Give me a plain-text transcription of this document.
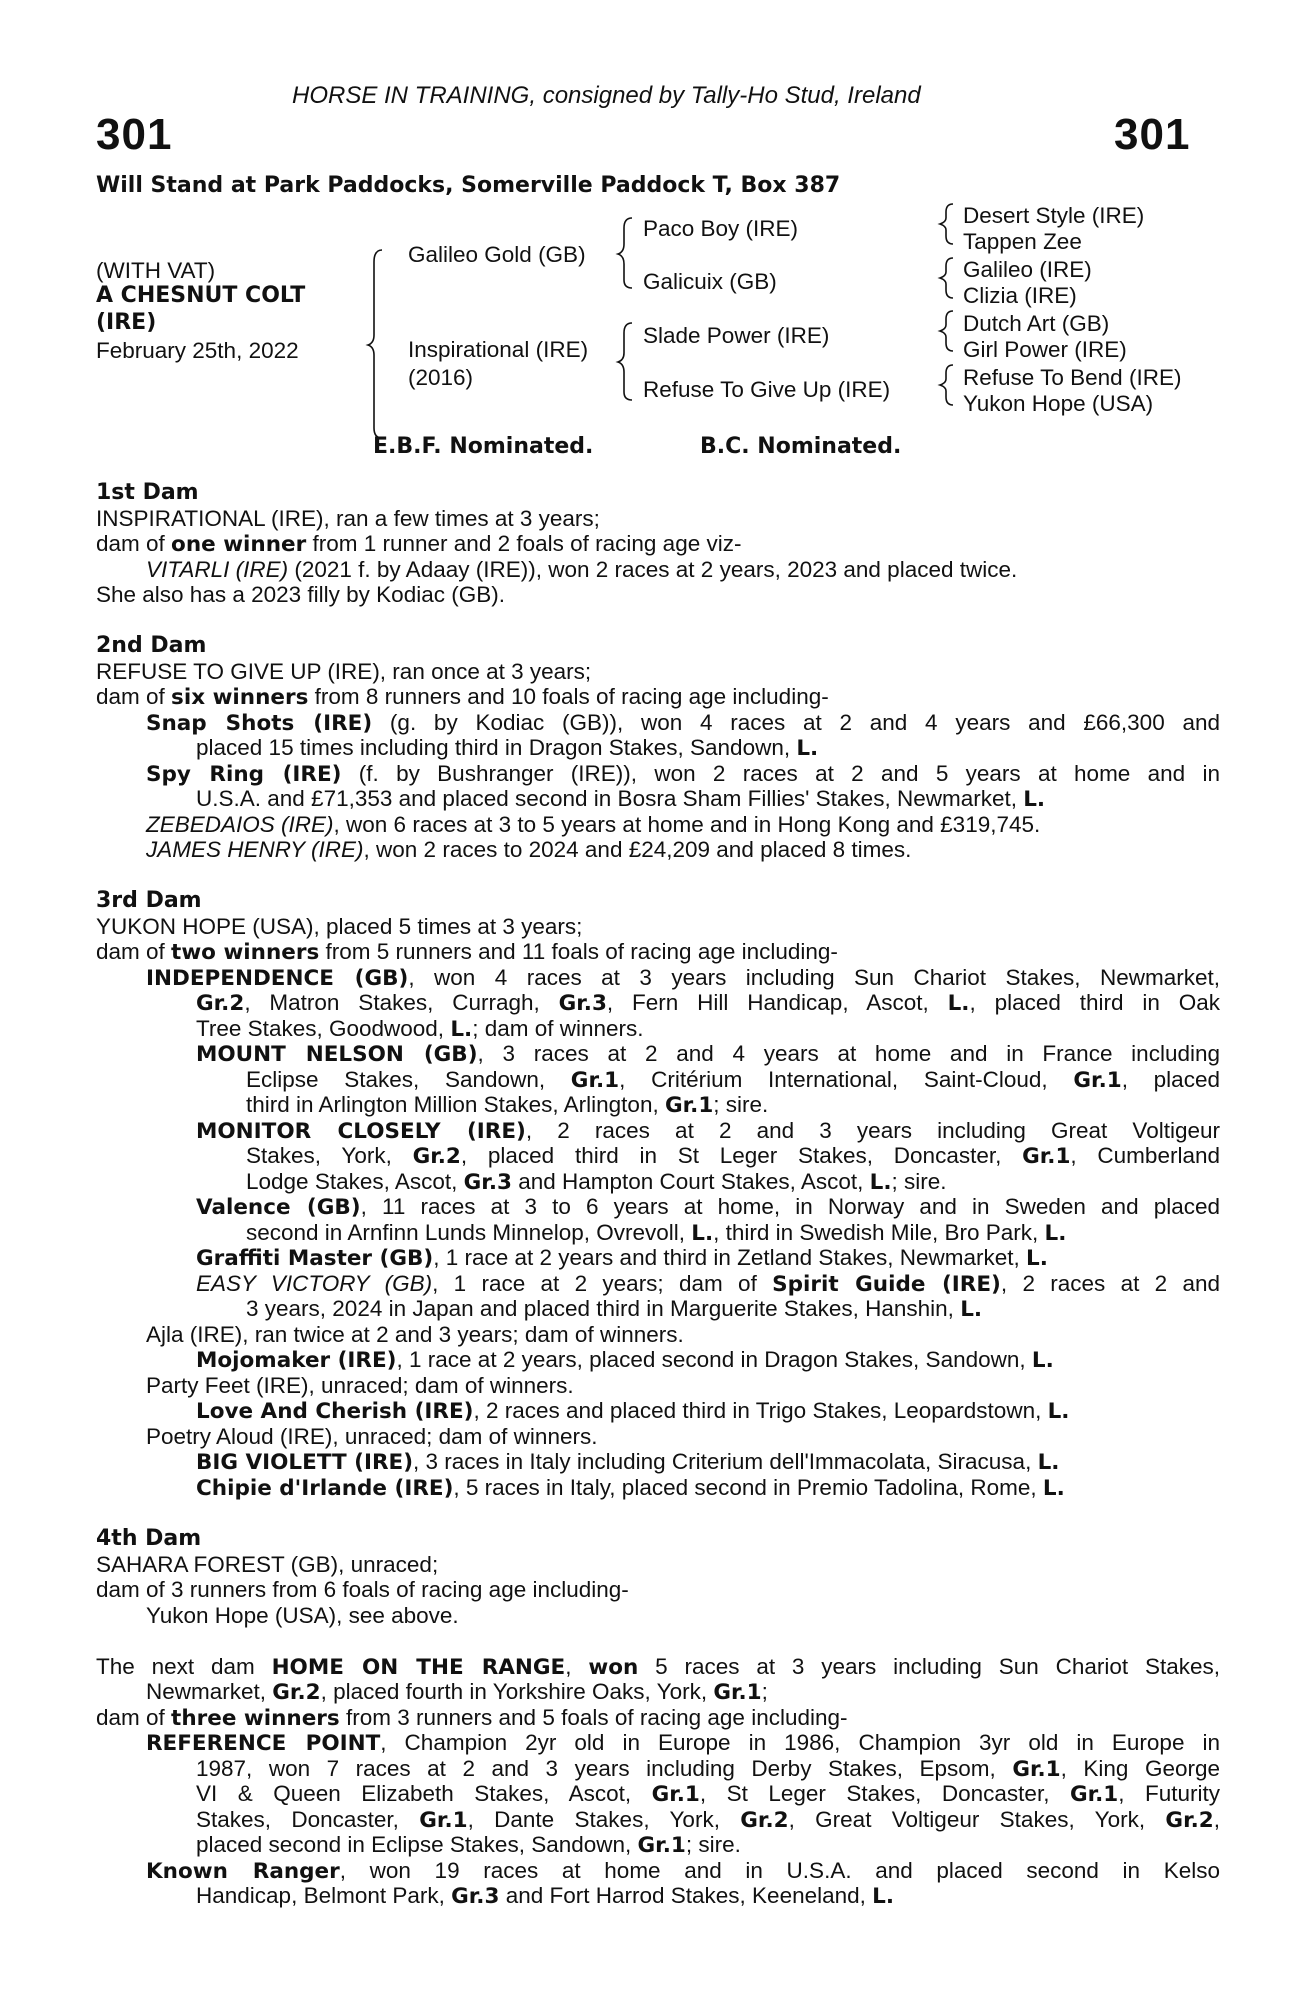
HORSE IN TRAINING, consigned by Tally-Ho Stud, Ireland
301	301
Will Stand at Park Paddocks, Somerville Paddock T, Box 387
(WITH VAT)
A CHESNUT COLT
(IRE)
February 25th, 2022
Galileo Gold (GB)
Inspirational (IRE)
(2016)
Paco Boy (IRE)
Galicuix (GB)
Slade Power (IRE)
Refuse To Give Up (IRE)
Desert Style (IRE)
Tappen Zee
Galileo (IRE)
Clizia (IRE)
Dutch Art (GB)
Girl Power (IRE)
Refuse To Bend (IRE)
Yukon Hope (USA)
E.B.F. Nominated.	B.C. Nominated.
1st Dam
INSPIRATIONAL (IRE), ran a few times at 3 years;
dam of one winner from 1 runner and 2 foals of racing age viz-
VITARLI (IRE) (2021 f. by Adaay (IRE)), won 2 races at 2 years, 2023 and placed twice.
She also has a 2023 filly by Kodiac (GB).
2nd Dam
REFUSE TO GIVE UP (IRE), ran once at 3 years;
dam of six winners from 8 runners and 10 foals of racing age including-
Snap Shots (IRE) (g. by Kodiac (GB)), won 4 races at 2 and 4 years and £66,300 and
placed 15 times including third in Dragon Stakes, Sandown, L.
Spy Ring (IRE) (f. by Bushranger (IRE)), won 2 races at 2 and 5 years at home and in
U.S.A. and £71,353 and placed second in Bosra Sham Fillies' Stakes, Newmarket, L.
ZEBEDAIOS (IRE), won 6 races at 3 to 5 years at home and in Hong Kong and £319,745.
JAMES HENRY (IRE), won 2 races to 2024 and £24,209 and placed 8 times.
3rd Dam
YUKON HOPE (USA), placed 5 times at 3 years;
dam of two winners from 5 runners and 11 foals of racing age including-
INDEPENDENCE (GB), won 4 races at 3 years including Sun Chariot Stakes, Newmarket,
Gr.2, Matron Stakes, Curragh, Gr.3, Fern Hill Handicap, Ascot, L., placed third in Oak
Tree Stakes, Goodwood, L.; dam of winners.
MOUNT NELSON (GB), 3 races at 2 and 4 years at home and in France including
Eclipse Stakes, Sandown, Gr.1, Critérium International, Saint-Cloud, Gr.1, placed
third in Arlington Million Stakes, Arlington, Gr.1; sire.
MONITOR CLOSELY (IRE), 2 races at 2 and 3 years including Great Voltigeur
Stakes, York, Gr.2, placed third in St Leger Stakes, Doncaster, Gr.1, Cumberland
Lodge Stakes, Ascot, Gr.3 and Hampton Court Stakes, Ascot, L.; sire.
Valence (GB), 11 races at 3 to 6 years at home, in Norway and in Sweden and placed
second in Arnfinn Lunds Minnelop, Ovrevoll, L., third in Swedish Mile, Bro Park, L.
Graffiti Master (GB), 1 race at 2 years and third in Zetland Stakes, Newmarket, L.
EASY VICTORY (GB), 1 race at 2 years; dam of Spirit Guide (IRE), 2 races at 2 and
3 years, 2024 in Japan and placed third in Marguerite Stakes, Hanshin, L.
Ajla (IRE), ran twice at 2 and 3 years; dam of winners.
Mojomaker (IRE), 1 race at 2 years, placed second in Dragon Stakes, Sandown, L.
Party Feet (IRE), unraced; dam of winners.
Love And Cherish (IRE), 2 races and placed third in Trigo Stakes, Leopardstown, L.
Poetry Aloud (IRE), unraced; dam of winners.
BIG VIOLETT (IRE), 3 races in Italy including Criterium dell'Immacolata, Siracusa, L.
Chipie d'Irlande (IRE), 5 races in Italy, placed second in Premio Tadolina, Rome, L.
4th Dam
SAHARA FOREST (GB), unraced;
dam of 3 runners from 6 foals of racing age including-
Yukon Hope (USA), see above.
The next dam HOME ON THE RANGE, won 5 races at 3 years including Sun Chariot Stakes,
Newmarket, Gr.2, placed fourth in Yorkshire Oaks, York, Gr.1;
dam of three winners from 3 runners and 5 foals of racing age including-
REFERENCE POINT, Champion 2yr old in Europe in 1986, Champion 3yr old in Europe in
1987, won 7 races at 2 and 3 years including Derby Stakes, Epsom, Gr.1, King George
VI & Queen Elizabeth Stakes, Ascot, Gr.1, St Leger Stakes, Doncaster, Gr.1, Futurity
Stakes, Doncaster, Gr.1, Dante Stakes, York, Gr.2, Great Voltigeur Stakes, York, Gr.2,
placed second in Eclipse Stakes, Sandown, Gr.1; sire.
Known Ranger, won 19 races at home and in U.S.A. and placed second in Kelso
Handicap, Belmont Park, Gr.3 and Fort Harrod Stakes, Keeneland, L.
